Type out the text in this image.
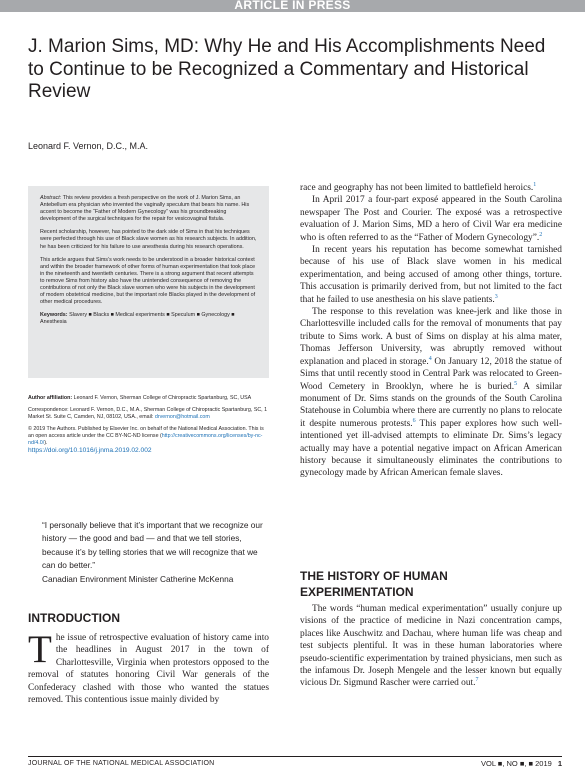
ARTICLE IN PRESS
J. Marion Sims, MD: Why He and His Accomplishments Need to Continue to be Recognized a Commentary and Historical Review
Leonard F. Vernon, D.C., M.A.

Abstract: This review provides a fresh perspective on the work of J. Marion Sims, an Antebellum era physician who invented the vaginally speculum that bears his name. His accent to become the “Father of Modern Gynecology” was his groundbreaking development of the surgical techniques for the repair for vesicovaginal fistula.

Recent scholarship, however, has pointed to the dark side of Sims in that his techniques were perfected through his use of Black slave women as his research subjects. In addition, he has been criticized for his failure to use anesthesia during his research operations.

This article argues that Sims’s work needs to be understood in a broader historical context and within the broader framework of other forms of human experimentation that took place in the nineteenth and twentieth centuries. There is a strong argument that recent attempts to remove Sims from history also have the unintended consequence of removing the contributions of not only the Black slave women who were his subjects in the development of modern obstetrical medicine, but the important role Blacks played in the development of other medical procedures.

Keywords: Slavery ■ Blacks ■ Medical experiments ■ Speculum ■ Gynecology ■ Anesthesia

Author affiliation: Leonard F. Vernon, Sherman College of Chiropractic Spartanburg, SC, USA

Correspondence: Leonard F. Vernon, D.C., M.A., Sherman College of Chiropractic Spartanburg, SC, 1 Market St. Suite C, Camden, NJ, 08102, USA., email: drvernon@hotmail.com

© 2019 The Authors. Published by Elsevier Inc. on behalf of the National Medical Association. This is an open access article under the CC BY-NC-ND license (http://creativecommons.org/licenses/by-nc-nd/4.0/).
https://doi.org/10.1016/j.jnma.2019.02.002

“I personally believe that it’s important that we recognize our history — the good and bad — and that we tell stories, because it’s by telling stories that we will recognize that we can do better.”
Canadian Environment Minister Catherine McKenna
INTRODUCTION

The issue of retrospective evaluation of history came into the headlines in August 2017 in the town of Charlottesville, Virginia when protestors opposed to the removal of statutes honoring Civil War generals of the Confederacy clashed with those who wanted the statues removed. This contentious issue mainly divided by

race and geography has not been limited to battlefield heroics.$^1$

In April 2017 a four-part exposé appeared in the South Carolina newspaper The Post and Courier. The exposé was a retrospective evaluation of J. Marion Sims, MD a hero of Civil War era medicine who is often referred to as the “Father of Modern Gynecology”.$^2$

In recent years his reputation has become somewhat tarnished because of his use of Black slave women in his medical experimentation, and being accused of among other things, torture. This accusation is primarily derived from, but not limited to the fact that he failed to use anesthesia on his slave patients.$^3$

The response to this revelation was knee-jerk and like those in Charlottesville included calls for the removal of monuments that pay tribute to Sims work. A bust of Sims on display at his alma mater, Thomas Jefferson University, was abruptly removed without explanation and placed in storage.$^4$ On January 12, 2018 the statue of Sims that until recently stood in Central Park was relocated to Green-Wood Cemetery in Brooklyn, where he is buried.$^5$ A similar monument of Dr. Sims stands on the grounds of the South Carolina Statehouse in Columbia where there are currently no plans to relocate it despite numerous protests.$^6$ This paper explores how such well-intentioned yet ill-advised attempts to eliminate Dr. Sims’s legacy actually may have a potential negative impact on African American history because it simultaneously eliminates the contributions to gynecology made by African American female slaves.

THE HISTORY OF HUMAN EXPERIMENTATION

The words “human medical experimentation” usually conjure up visions of the practice of medicine in Nazi concentration camps, places like Auschwitz and Dachau, where human life was cheap and test subjects plentiful. It was in these human laboratories where pseudo-scientific experimentation by trained physicians, men such as the infamous Dr. Joseph Mengele and the lesser known but equally vicious Dr. Sigmund Rascher were carried out.$^7$

JOURNAL OF THE NATIONAL MEDICAL ASSOCIATION	VOL ■, NO ■, ■ 2019 1
